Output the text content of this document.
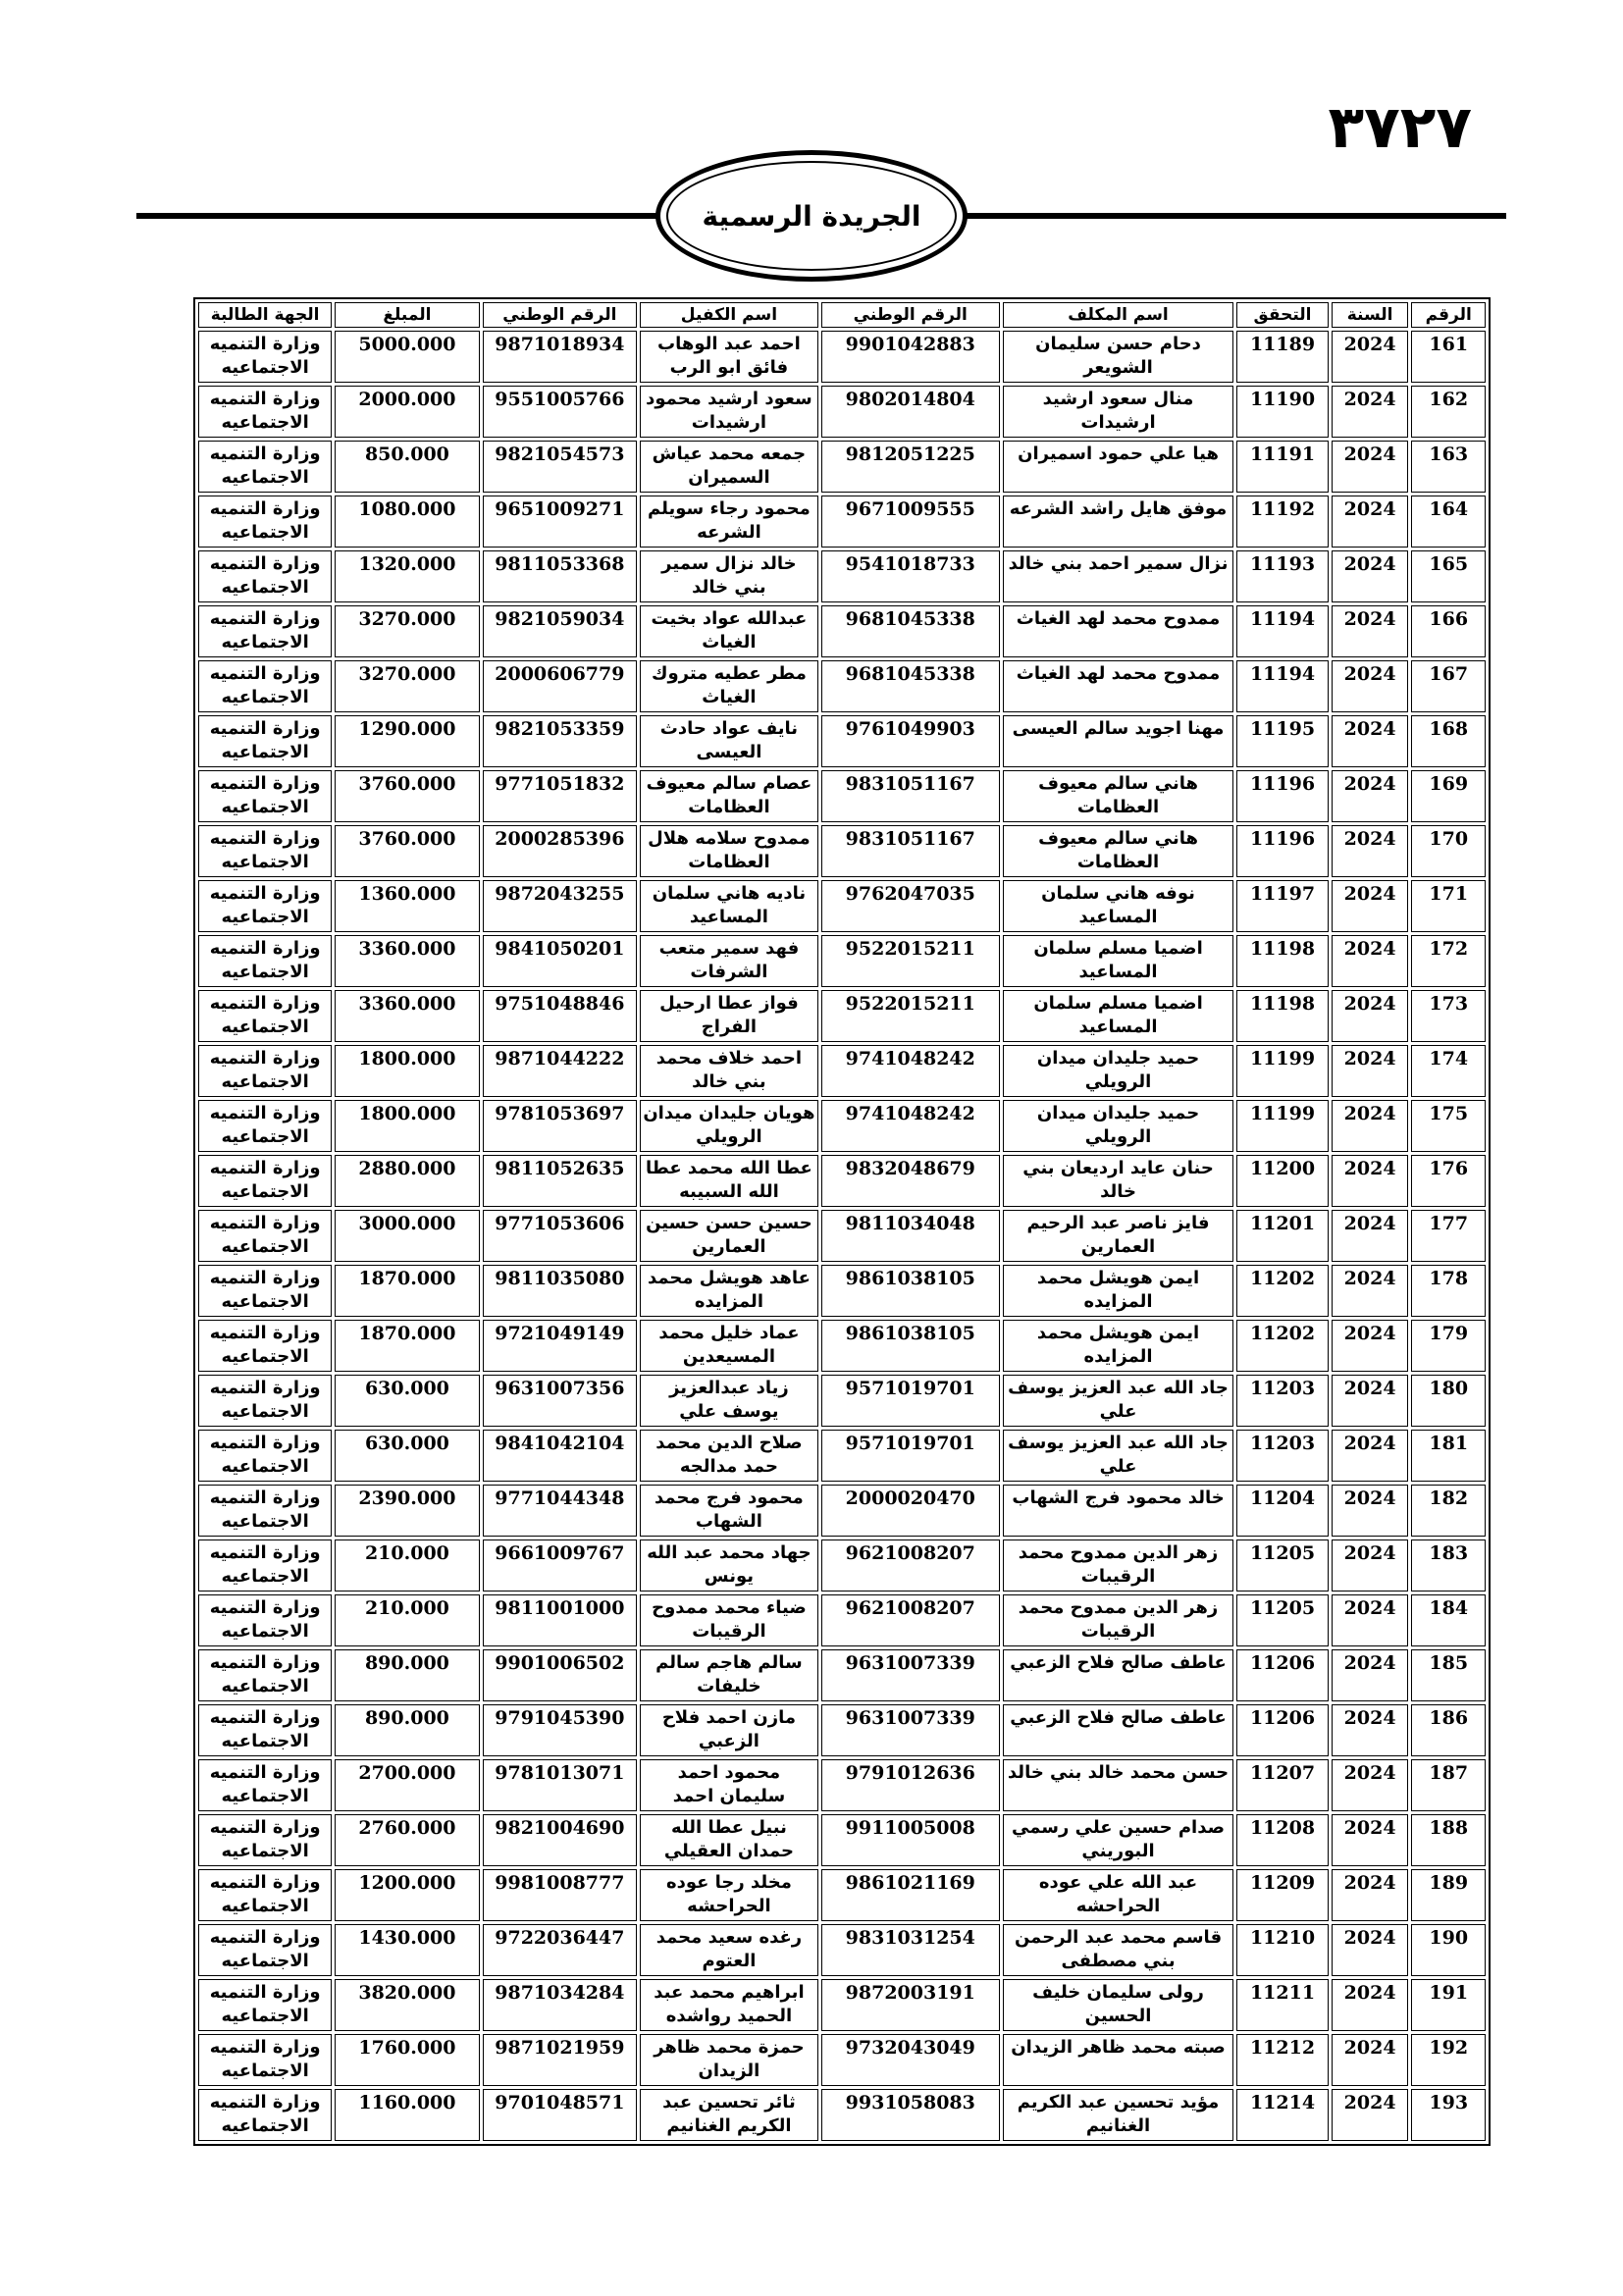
٣٧٢٧
الجريدة الرسمية
الرقم	السنة	التحقق	اسم المكلف	الرقم الوطني	اسم الكفيل	الرقم الوطني	المبلغ	الجهة الطالبة
161	2024	11189	دحام حسن سليمان الشويعر	9901042883	احمد عبد الوهاب فائق ابو الرب	9871018934	5000.000	وزارة التنميه الاجتماعيه
162	2024	11190	منال سعود ارشيد ارشيدات	9802014804	سعود ارشيد محمود ارشيدات	9551005766	2000.000	وزارة التنميه الاجتماعيه
163	2024	11191	هيا علي حمود اسميران	9812051225	جمعه محمد عياش السميران	9821054573	850.000	وزارة التنميه الاجتماعيه
164	2024	11192	موفق هايل راشد الشرعه	9671009555	محمود رجاء سويلم الشرعه	9651009271	1080.000	وزارة التنميه الاجتماعيه
165	2024	11193	نزال سمير احمد بني خالد	9541018733	خالد نزال سمير بني خالد	9811053368	1320.000	وزارة التنميه الاجتماعيه
166	2024	11194	ممدوح محمد لهد الغياث	9681045338	عبدالله عواد بخيت الغياث	9821059034	3270.000	وزارة التنميه الاجتماعيه
167	2024	11194	ممدوح محمد لهد الغياث	9681045338	مطر عطيه متروك الغياث	2000606779	3270.000	وزارة التنميه الاجتماعيه
168	2024	11195	مهنا اجويد سالم العيسى	9761049903	نايف عواد حادث العيسى	9821053359	1290.000	وزارة التنميه الاجتماعيه
169	2024	11196	هاني سالم معيوف العظامات	9831051167	عصام سالم معيوف العظامات	9771051832	3760.000	وزارة التنميه الاجتماعيه
170	2024	11196	هاني سالم معيوف العظامات	9831051167	ممدوح سلامه هلال العظامات	2000285396	3760.000	وزارة التنميه الاجتماعيه
171	2024	11197	نوفه هاني سلمان المساعيد	9762047035	ناديه هاني سلمان المساعيد	9872043255	1360.000	وزارة التنميه الاجتماعيه
172	2024	11198	اضميا مسلم سلمان المساعيد	9522015211	فهد سمير متعب الشرفات	9841050201	3360.000	وزارة التنميه الاجتماعيه
173	2024	11198	اضميا مسلم سلمان المساعيد	9522015211	فواز عطا ارحيل الفراج	9751048846	3360.000	وزارة التنميه الاجتماعيه
174	2024	11199	حميد جليدان ميدان الرويلي	9741048242	احمد خلاف محمد بني خالد	9871044222	1800.000	وزارة التنميه الاجتماعيه
175	2024	11199	حميد جليدان ميدان الرويلي	9741048242	هويان جليدان ميدان الرويلي	9781053697	1800.000	وزارة التنميه الاجتماعيه
176	2024	11200	حنان عايد ارديعان بني خالد	9832048679	عطا الله محمد عطا الله السبيبه	9811052635	2880.000	وزارة التنميه الاجتماعيه
177	2024	11201	فايز ناصر عبد الرحيم العمارين	9811034048	حسين حسن حسين العمارين	9771053606	3000.000	وزارة التنميه الاجتماعيه
178	2024	11202	ايمن هويشل محمد المزايده	9861038105	عاهد هويشل محمد المزايده	9811035080	1870.000	وزارة التنميه الاجتماعيه
179	2024	11202	ايمن هويشل محمد المزايده	9861038105	عماد خليل محمد المسيعدين	9721049149	1870.000	وزارة التنميه الاجتماعيه
180	2024	11203	جاد الله عبد العزيز يوسف علي	9571019701	زياد عبدالعزيز يوسف علي	9631007356	630.000	وزارة التنميه الاجتماعيه
181	2024	11203	جاد الله عبد العزيز يوسف علي	9571019701	صلاح الدين محمد حمد مدالجه	9841042104	630.000	وزارة التنميه الاجتماعيه
182	2024	11204	خالد محمود فرج الشهاب	2000020470	محمود فرج محمد الشهاب	9771044348	2390.000	وزارة التنميه الاجتماعيه
183	2024	11205	زهر الدين ممدوح محمد الرقيبات	9621008207	جهاد محمد عبد الله يونس	9661009767	210.000	وزارة التنميه الاجتماعيه
184	2024	11205	زهر الدين ممدوح محمد الرقيبات	9621008207	ضياء محمد ممدوح الرقيبات	9811001000	210.000	وزارة التنميه الاجتماعيه
185	2024	11206	عاطف صالح فلاح الزعبي	9631007339	سالم هاجم سالم خليفات	9901006502	890.000	وزارة التنميه الاجتماعيه
186	2024	11206	عاطف صالح فلاح الزعبي	9631007339	مازن احمد فلاح الزعبي	9791045390	890.000	وزارة التنميه الاجتماعيه
187	2024	11207	حسن محمد خالد بني خالد	9791012636	محمود احمد سليمان احمد	9781013071	2700.000	وزارة التنميه الاجتماعيه
188	2024	11208	صدام حسين علي رسمي البوريني	9911005008	نبيل عطا الله حمدان العقيلي	9821004690	2760.000	وزارة التنميه الاجتماعيه
189	2024	11209	عبد الله علي عوده الحراحشه	9861021169	مخلد رجا عوده الحراحشه	9981008777	1200.000	وزارة التنميه الاجتماعيه
190	2024	11210	قاسم محمد عبد الرحمن بني مصطفى	9831031254	رغده سعيد محمد العتوم	9722036447	1430.000	وزارة التنميه الاجتماعيه
191	2024	11211	رولى سليمان خليف الحسين	9872003191	ابراهيم محمد عبد الحميد رواشده	9871034284	3820.000	وزارة التنميه الاجتماعيه
192	2024	11212	صبته محمد ظاهر الزيدان	9732043049	حمزة محمد ظاهر الزيدان	9871021959	1760.000	وزارة التنميه الاجتماعيه
193	2024	11214	مؤيد تحسين عبد الكريم الغنانيم	9931058083	ثائر تحسين عبد الكريم الغنانيم	9701048571	1160.000	وزارة التنميه الاجتماعيه
